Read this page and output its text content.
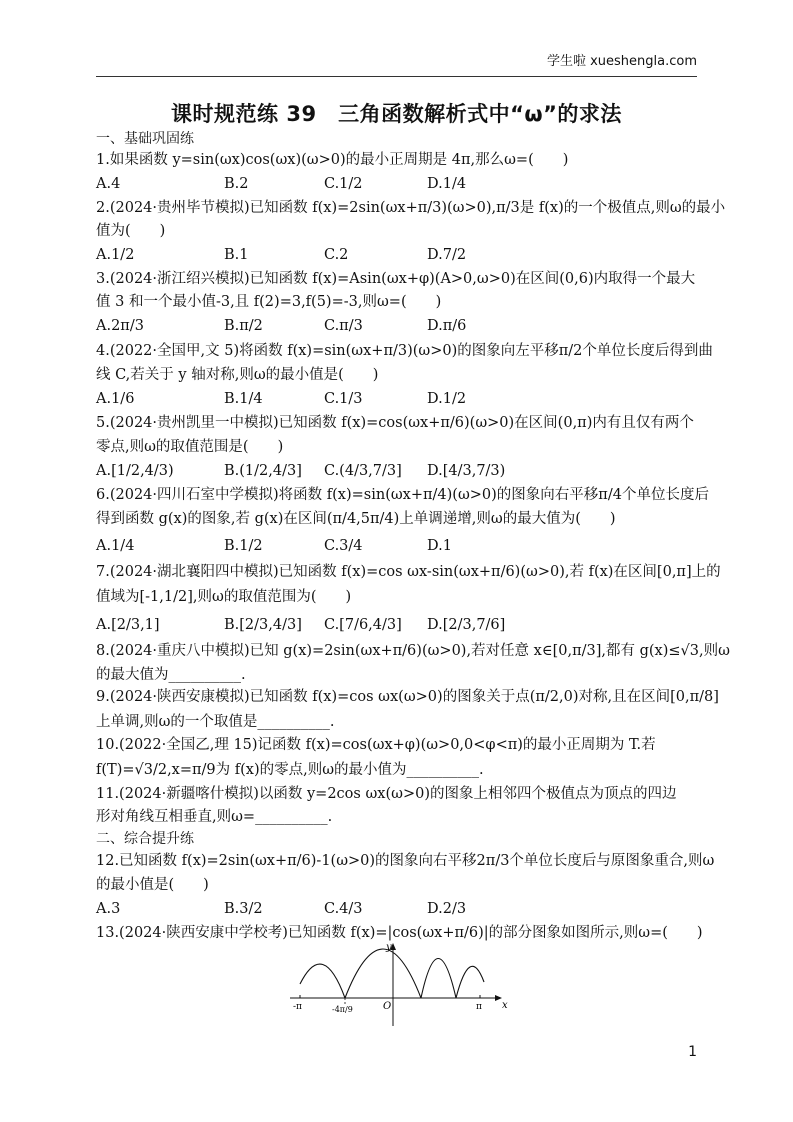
学生啦 xueshengla.com
课时规范练 39　三角函数解析式中“ω”的求法
一、基础巩固练
1.如果函数 y=sin(ωx)cos(ωx)(ω>0)的最小正周期是 4π,那么ω=(　　)
A.4	B.2	C.1/2	D.1/4
2.(2024·贵州毕节模拟)已知函数 f(x)=2sin(ωx+π/3)(ω>0),π/3是 f(x)的一个极值点,则ω的最小
值为(　　)
A.1/2	B.1	C.2	D.7/2
3.(2024·浙江绍兴模拟)已知函数 f(x)=Asin(ωx+φ)(A>0,ω>0)在区间(0,6)内取得一个最大
值 3 和一个最小值-3,且 f(2)=3,f(5)=-3,则ω=(　　)
A.2π/3	B.π/2	C.π/3	D.π/6
4.(2022·全国甲,文 5)将函数 f(x)=sin(ωx+π/3)(ω>0)的图象向左平移π/2个单位长度后得到曲
线 C,若关于 y 轴对称,则ω的最小值是(　　)
A.1/6	B.1/4	C.1/3	D.1/2
5.(2024·贵州凯里一中模拟)已知函数 f(x)=cos(ωx+π/6)(ω>0)在区间(0,π)内有且仅有两个
零点,则ω的取值范围是(　　)
A.[1/2,4/3)	B.(1/2,4/3] C.(4/3,7/3] D.[4/3,7/3)
6.(2024·四川石室中学模拟)将函数 f(x)=sin(ωx+π/4)(ω>0)的图象向右平移π/4个单位长度后
得到函数 g(x)的图象,若 g(x)在区间(π/4,5π/4)上单调递增,则ω的最大值为(　　)
A.1/4	B.1/2	C.3/4	D.1
7.(2024·湖北襄阳四中模拟)已知函数 f(x)=cos ωx-sin(ωx+π/6)(ω>0),若 f(x)在区间[0,π]上的
值域为[-1,1/2],则ω的取值范围为(　　)
A.[2/3,1]	B.[2/3,4/3] C.[7/6,4/3] D.[2/3,7/6]
8.(2024·重庆八中模拟)已知 g(x)=2sin(ωx+π/6)(ω>0),若对任意 x∈[0,π/3],都有 g(x)≤√3,则ω
的最大值为__________.
9.(2024·陕西安康模拟)已知函数 f(x)=cos ωx(ω>0)的图象关于点(π/2,0)对称,且在区间[0,π/8]
上单调,则ω的一个取值是__________.
10.(2022·全国乙,理 15)记函数 f(x)=cos(ωx+φ)(ω>0,0<φ<π)的最小正周期为 T.若
f(T)=√3/2,x=π/9为 f(x)的零点,则ω的最小值为__________.
11.(2024·新疆喀什模拟)以函数 y=2cos ωx(ω>0)的图象上相邻四个极值点为顶点的四边
形对角线互相垂直,则ω=__________.
二、综合提升练
12.已知函数 f(x)=2sin(ωx+π/6)-1(ω>0)的图象向右平移2π/3个单位长度后与原图象重合,则ω
的最小值是(　　)
A.3	B.3/2	C.4/3	D.2/3
13.(2024·陕西安康中学校考)已知函数 f(x)=|cos(ωx+π/6)|的部分图象如图所示,则ω=(　　)
y
x
O
-π	-4π/9	π
1
